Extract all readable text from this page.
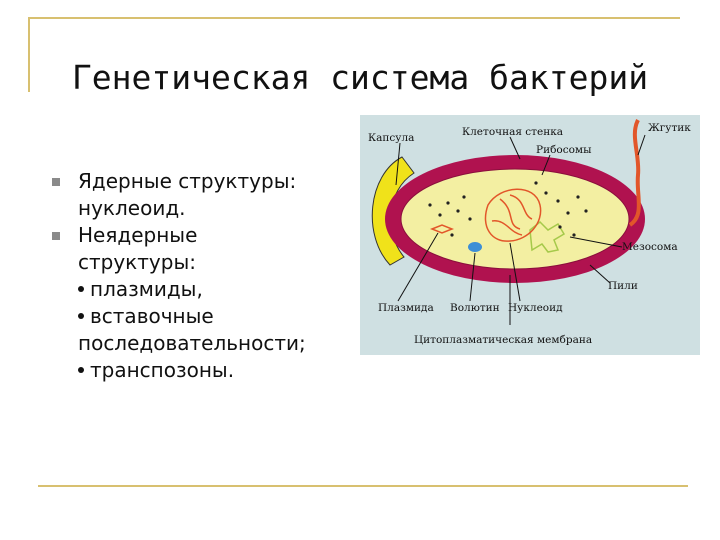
Генетическая система бактерий
Ядерные структуры:
нуклеоид.
Неядерные
структуры:
плазмиды,
вставочные
последовательности;
транспозоны.
Капсула	Клеточная стенка	Жгутик
Рибосомы
Мезосома
Пили
Плазмида Волютин Нуклеоид
Цитоплазматическая мембрана
